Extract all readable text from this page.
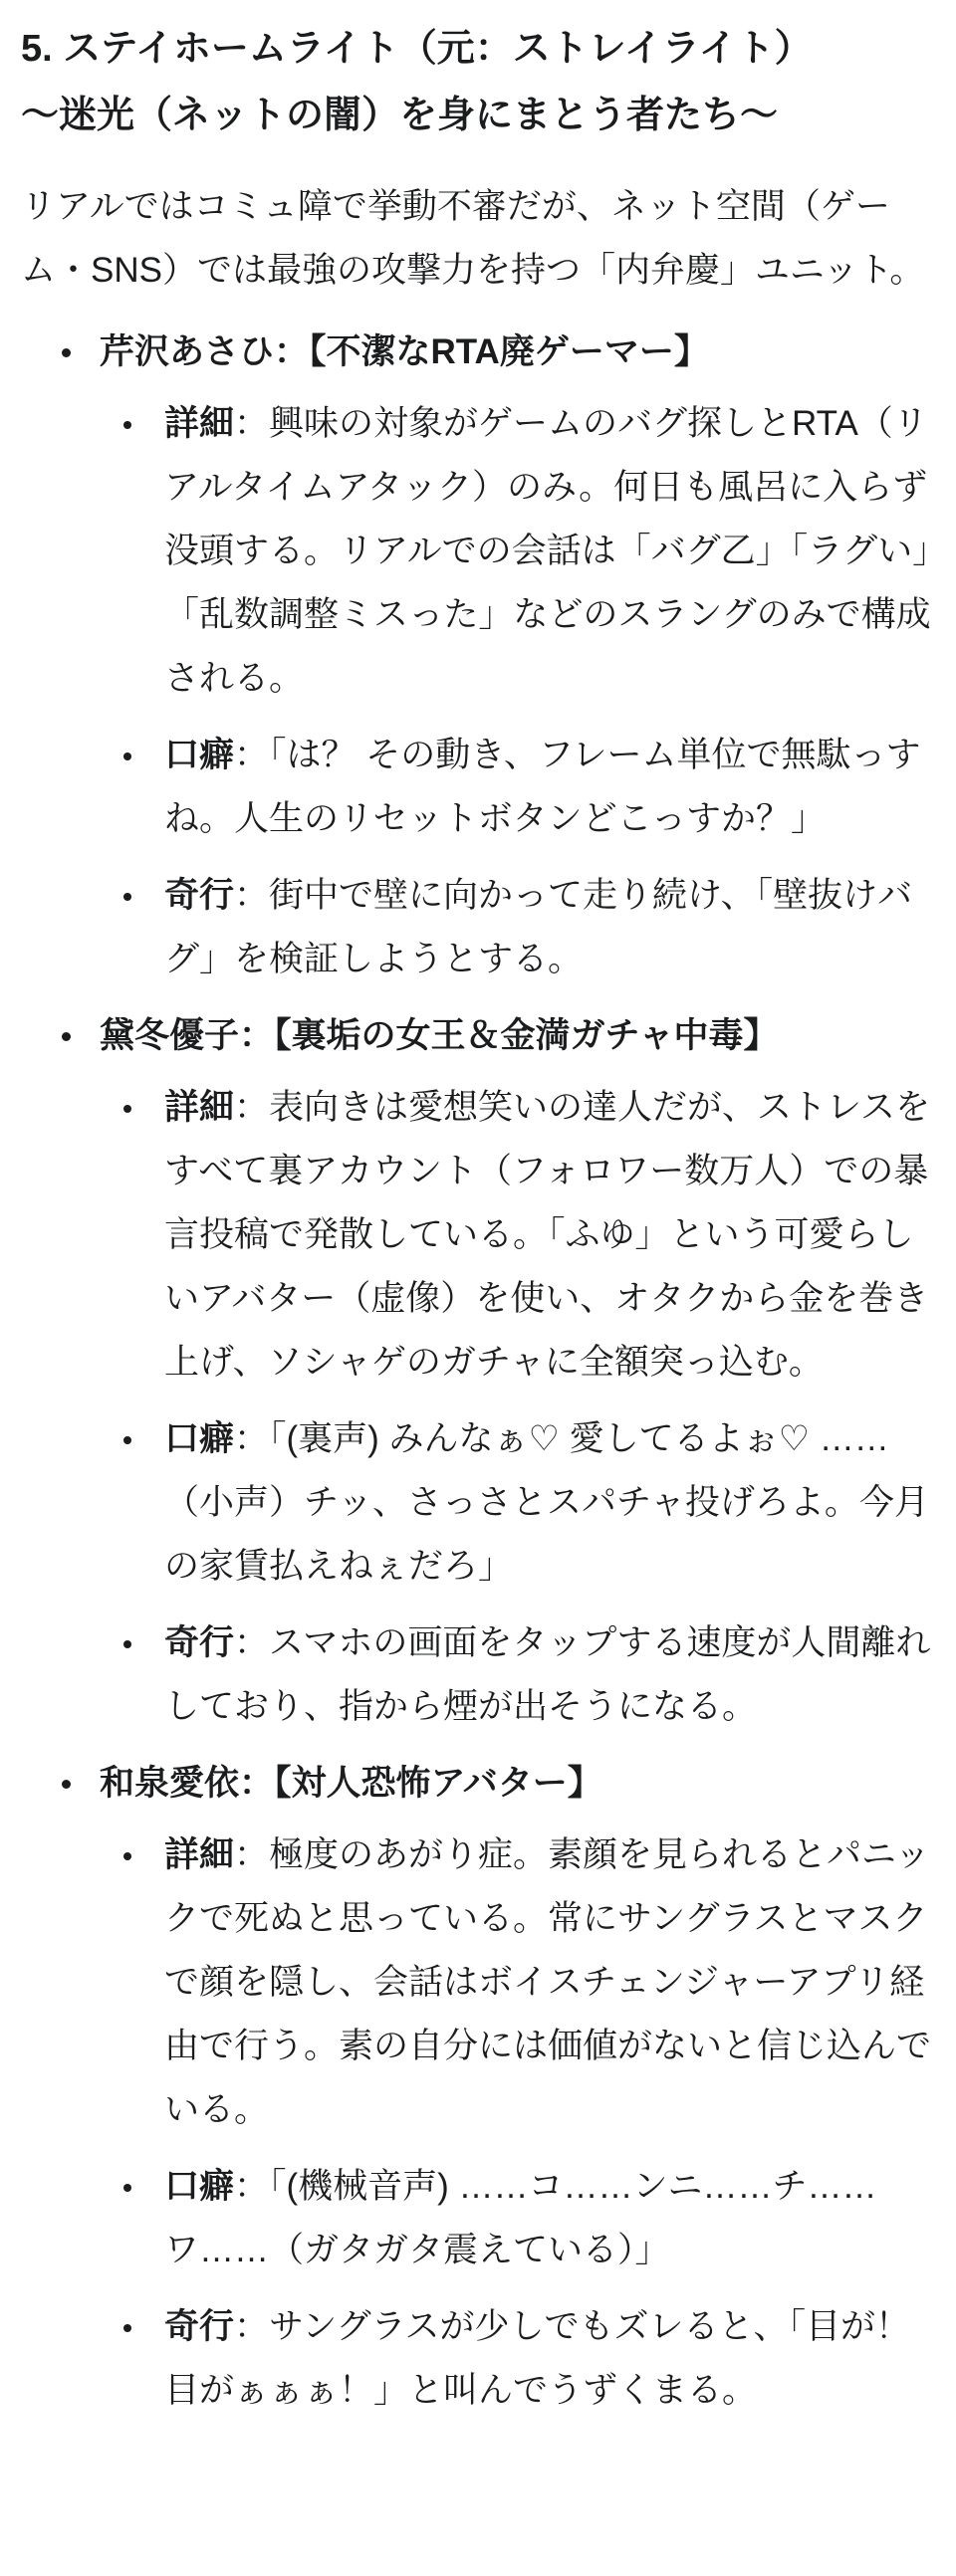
5. ステイホームライト（元：ストレイライト）
〜迷光（ネットの闇）を身にまとう者たち〜

リアルではコミュ障で挙動不審だが、ネット空間（ゲーム・SNS）では最強の攻撃力を持つ「内弁慶」ユニット。

芹沢あさひ：【不潔なRTA廃ゲーマー】
詳細：興味の対象がゲームのバグ探しとRTA（リアルタイムアタック）のみ。何日も風呂に入らず没頭する。リアルでの会話は「バグ乙」「ラグい」「乱数調整ミスった」などのスラングのみで構成される。
口癖：「は？ その動き、フレーム単位で無駄っすね。人生のリセットボタンどこっすか？」
奇行：街中で壁に向かって走り続け、「壁抜けバグ」を検証しようとする。
黛冬優子：【裏垢の女王＆金満ガチャ中毒】
詳細：表向きは愛想笑いの達人だが、ストレスをすべて裏アカウント（フォロワー数万人）での暴言投稿で発散している。「ふゆ」という可愛らしいアバター（虚像）を使い、オタクから金を巻き上げ、ソシャゲのガチャに全額突っ込む。
口癖：「(裏声) みんなぁ♡ 愛してるよぉ♡ ……（小声）チッ、さっさとスパチャ投げろよ。今月の家賃払えねぇだろ」
奇行：スマホの画面をタップする速度が人間離れしており、指から煙が出そうになる。
和泉愛依：【対人恐怖アバター】
詳細：極度のあがり症。素顔を見られるとパニックで死ぬと思っている。常にサングラスとマスクで顔を隠し、会話はボイスチェンジャーアプリ経由で行う。素の自分には価値がないと信じ込んでいる。
口癖：「(機械音声) ……コ……ンニ……チ……ワ……（ガタガタ震えている）」
奇行：サングラスが少しでもズレると、「目が！ 目がぁぁぁ！」と叫んでうずくまる。
